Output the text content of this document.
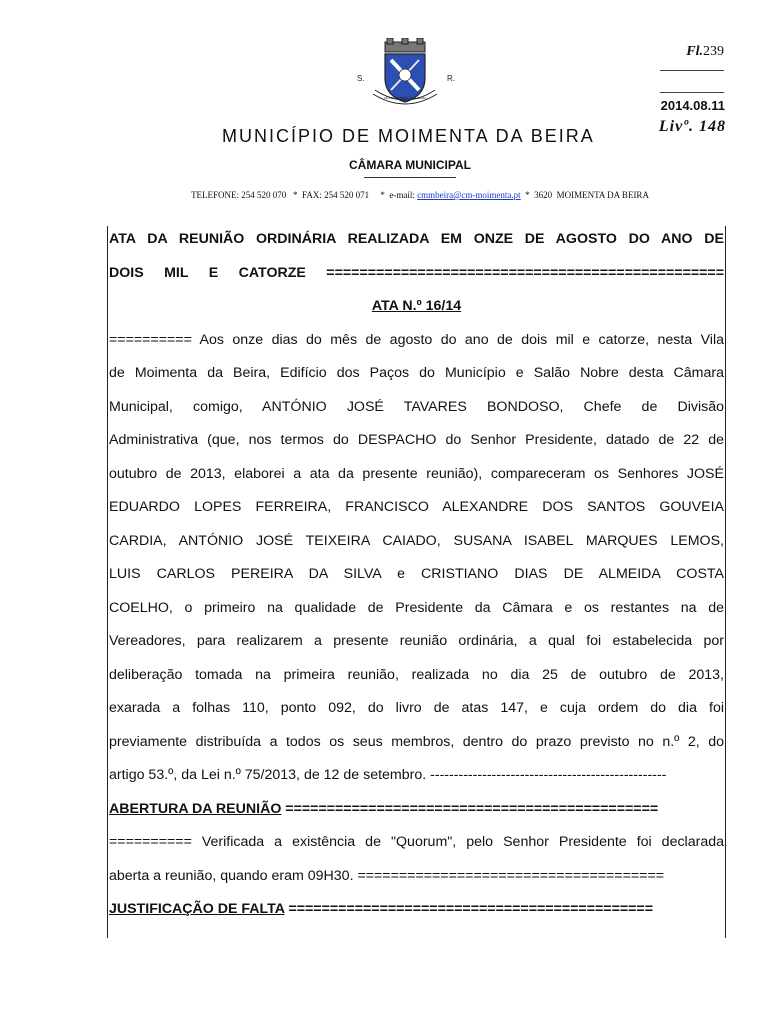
S.	R.
VILA DE MOIMENTA DA BEIRA
Fl.239
2014.08.11
Livº. 148
MUNICÍPIO DE MOIMENTA DA BEIRA
CÂMARA MUNICIPAL
TELEFONE: 254 520 070   *  FAX: 254 520 071     *  e-mail: cmmbeira@cm-moimenta.pt  *  3620  MOIMENTA DA BEIRA
ATA DA REUNIÃO ORDINÁRIA REALIZADA EM ONZE DE AGOSTO DO ANO DE
DOIS MIL E CATORZE ================================================
ATA N.º 16/14
========== Aos onze dias do mês de agosto do ano de dois mil e catorze, nesta Vila
de Moimenta da Beira, Edifício dos Paços do Município e Salão Nobre desta Câmara
Municipal, comigo, ANTÓNIO JOSÉ TAVARES BONDOSO, Chefe de Divisão
Administrativa (que, nos termos do DESPACHO do Senhor Presidente, datado de 22 de
outubro de 2013, elaborei a ata da presente reunião), compareceram os Senhores JOSÉ
EDUARDO LOPES FERREIRA, FRANCISCO ALEXANDRE DOS SANTOS GOUVEIA
CARDIA, ANTÓNIO JOSÉ TEIXEIRA CAIADO, SUSANA ISABEL MARQUES LEMOS,
LUIS CARLOS PEREIRA DA SILVA e CRISTIANO DIAS DE ALMEIDA COSTA
COELHO, o primeiro na qualidade de Presidente da Câmara e os restantes na de
Vereadores, para realizarem a presente reunião ordinária, a qual foi estabelecida por
deliberação tomada na primeira reunião, realizada no dia 25 de outubro de 2013,
exarada a folhas 110, ponto 092, do livro de atas 147, e cuja ordem do dia foi
previamente distribuída a todos os seus membros, dentro do prazo previsto no n.º 2, do
artigo 53.º, da Lei n.º 75/2013, de 12 de setembro. --------------------------------------------------
ABERTURA DA REUNIÃO =============================================
========== Verificada a existência de "Quorum", pelo Senhor Presidente foi declarada
aberta a reunião, quando eram 09H30. =====================================
JUSTIFICAÇÃO DE FALTA ============================================
